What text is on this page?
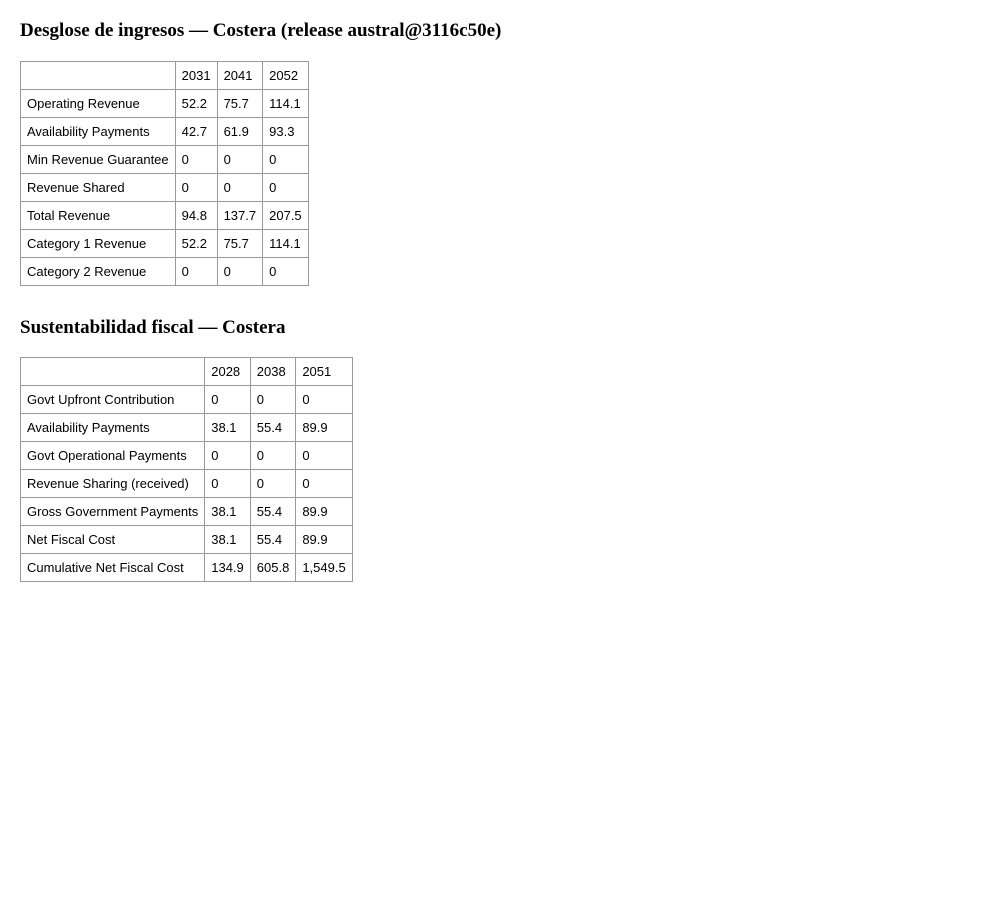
Desglose de ingresos — Costera (release austral@3116c50e)
	2031	2041	2052
Operating Revenue	52.2	75.7	114.1
Availability Payments	42.7	61.9	93.3
Min Revenue Guarantee	0	0	0
Revenue Shared	0	0	0
Total Revenue	94.8	137.7	207.5
Category 1 Revenue	52.2	75.7	114.1
Category 2 Revenue	0	0	0
Sustentabilidad fiscal — Costera
	2028	2038	2051
Govt Upfront Contribution	0	0	0
Availability Payments	38.1	55.4	89.9
Govt Operational Payments	0	0	0
Revenue Sharing (received)	0	0	0
Gross Government Payments	38.1	55.4	89.9
Net Fiscal Cost	38.1	55.4	89.9
Cumulative Net Fiscal Cost	134.9	605.8	1,549.5
